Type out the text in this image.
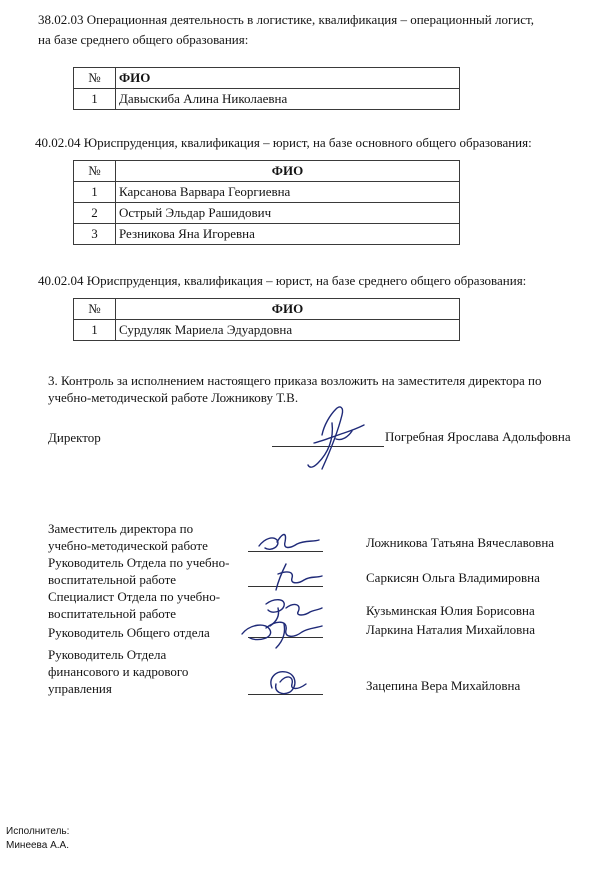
38.02.03 Операционная деятельность в логистике, квалификация – операционный логист,
на базе среднего общего образования:
№	ФИО
1	Давыскиба Алина Николаевна
40.02.04 Юриспруденция, квалификация – юрист, на базе основного общего образования:
№	ФИО
1	Карсанова Варвара Георгиевна
2	Острый Эльдар Рашидович
3	Резникова Яна Игоревна
40.02.04 Юриспруденция, квалификация – юрист, на базе среднего общего образования:
№	ФИО
1	Сурдуляк Мариела Эдуардовна
3. Контроль за исполнением настоящего приказа возложить на заместителя директора по
учебно-методической работе Ложникову Т.В.
Директор	Погребная Ярослава Адольфовна
Заместитель директора по
учебно-методической работе	Ложникова Татьяна Вячеславовна
Руководитель Отдела по учебно-
воспитательной работе	Саркисян Ольга Владимировна
Специалист Отдела по учебно-
воспитательной работе	Кузьминская Юлия Борисовна
Руководитель Общего отдела	Ларкина Наталия Михайловна
Руководитель Отдела
финансового и кадрового
управления	Зацепина Вера Михайловна
Исполнитель:
Минеева А.А.
